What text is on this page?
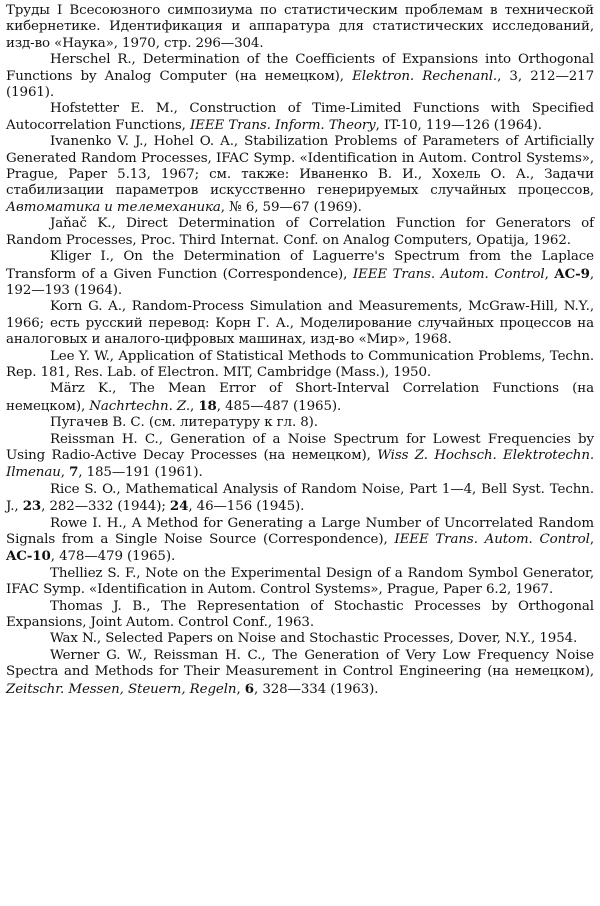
Труды I Всесоюзного симпозиума по статистическим проблемам в технической кибернетике. Идентификация и аппаратура для статистических исследований, изд-во «Наука», 1970, стр. 296—304.

Herschel R., Determination of the Coefficients of Expansions into Orthogonal Functions by Analog Computer (на немецком), Elektron. Rechenanl., 3, 212—217 (1961).

Hofstetter E. M., Construction of Time-Limited Functions with Specified Autocorrelation Functions, IEEE Trans. Inform. Theory, IT-10, 119—126 (1964).

Ivanenko V. J., Hohel O. A., Stabilization Problems of Parameters of Artificially Generated Random Processes, IFAC Symp. «Identification in Autom. Control Systems», Prague, Paper 5.13, 1967; см. также: Иваненко В. И., Хохель О. А., Задачи стабилизации параметров искусственно генерируемых случайных процессов, Автоматика и телемеханика, № 6, 59—67 (1969).

Jaňač K., Direct Determination of Correlation Function for Generators of Random Processes, Proc. Third Internat. Conf. on Analog Computers, Opatija, 1962.

Kliger I., On the Determination of Laguerre's Spectrum from the Laplace Transform of a Given Function (Correspondence), IEEE Trans. Autom. Control, AC-9, 192—193 (1964).

Korn G. A., Random-Process Simulation and Measurements, McGraw-Hill, N.Y., 1966; есть русский перевод: Корн Г. А., Моделирование случайных процессов на аналоговых и аналого-цифровых машинах, изд-во «Мир», 1968.

Lee Y. W., Application of Statistical Methods to Communication Problems, Techn. Rep. 181, Res. Lab. of Electron. MIT, Cambridge (Mass.), 1950.

März K., The Mean Error of Short-Interval Correlation Functions (на немецком), Nachrtechn. Z., 18, 485—487 (1965).

Пугачев В. С. (см. литературу к гл. 8).

Reissman H. C., Generation of a Noise Spectrum for Lowest Frequencies by Using Radio-Active Decay Processes (на немецком), Wiss Z. Hochsch. Elektrotechn. Ilmenau, 7, 185—191 (1961).

Rice S. O., Mathematical Analysis of Random Noise, Part 1—4, Bell Syst. Techn. J., 23, 282—332 (1944); 24, 46—156 (1945).

Rowe I. H., A Method for Generating a Large Number of Uncorrelated Random Signals from a Single Noise Source (Correspondence), IEEE Trans. Autom. Control, AC-10, 478—479 (1965).

Thelliez S. F., Note on the Experimental Design of a Random Symbol Generator, IFAC Symp. «Identification in Autom. Control Systems», Prague, Paper 6.2, 1967.

Thomas J. B., The Representation of Stochastic Processes by Orthogonal Expansions, Joint Autom. Control Conf., 1963.

Wax N., Selected Papers on Noise and Stochastic Processes, Dover, N.Y., 1954.

Werner G. W., Reissman H. C., The Generation of Very Low Frequency Noise Spectra and Methods for Their Measurement in Control Engineering (на немецком), Zeitschr. Messen, Steuern, Regeln, 6, 328—334 (1963).
